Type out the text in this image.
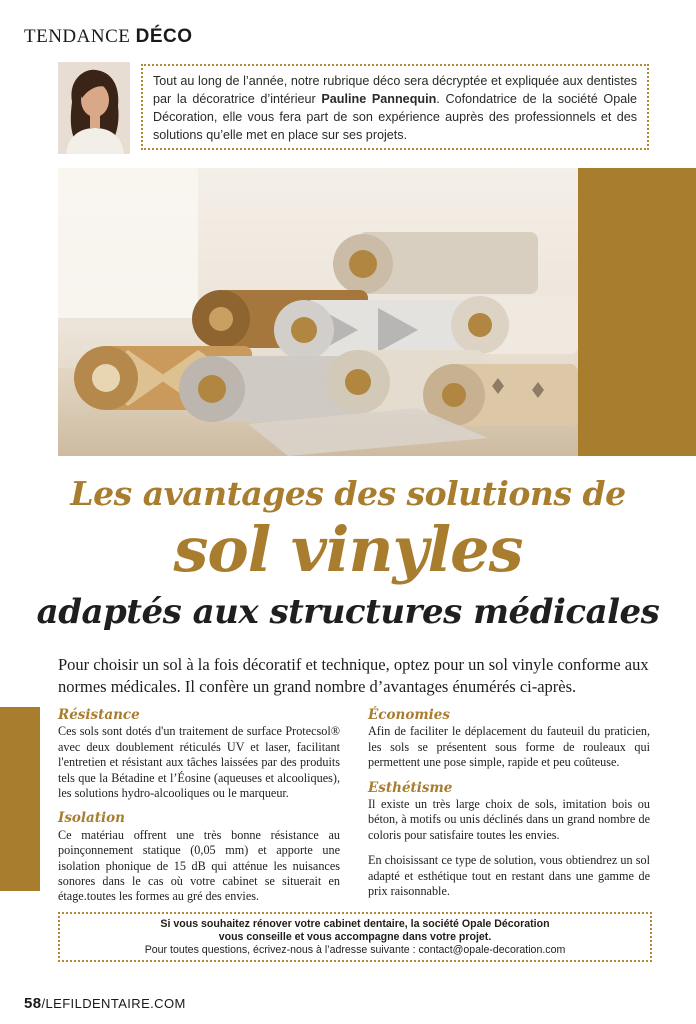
TENDANCE DÉCO
Tout au long de l’année, notre rubrique déco sera décryptée et expliquée aux dentistes par la décoratrice d’intérieur Pauline Pannequin. Cofondatrice de la société Opale Décoration, elle vous fera part de son expérience auprès des professionnels et des solutions qu’elle met en place sur ses projets.
Les avantages des solutions de
sol vinyles
adaptés aux structures médicales
Pour choisir un sol à la fois décoratif et technique, optez pour un sol vinyle conforme aux normes médicales. Il confère un grand nombre d’avantages énumérés ci-après.
Résistance

Ces sols sont dotés d'un traitement de surface Protecsol® avec deux doublement réticulés UV et laser, facilitant l'entretien et résistant aux tâches laissées par des produits tels que la Bétadine et l’Éosine (aqueuses et alcooliques), les solutions hydro-alcooliques ou le marqueur.

Isolation

Ce matériau offrent une très bonne résistance au poinçonnement statique (0,05 mm) et apporte une isolation phonique de 15 dB qui atténue les nuisances sonores dans le cas où votre cabinet se situerait en étage.toutes les formes au gré des envies.

Économies

Afin de faciliter le déplacement du fauteuil du praticien, les sols se présentent sous forme de rouleaux qui permettent une pose simple, rapide et peu coûteuse.

Esthétisme

Il existe un très large choix de sols, imitation bois ou béton, à motifs ou unis déclinés dans un grand nombre de coloris pour satisfaire toutes les envies.

En choisissant ce type de solution, vous obtiendrez un sol adapté et esthétique tout en restant dans une gamme de prix raisonnable.

Si vous souhaitez rénover votre cabinet dentaire, la société Opale Décoration
vous conseille et vous accompagne dans votre projet.
Pour toutes questions, écrivez-nous à l’adresse suivante : contact@opale-decoration.com
58/LEFILDENTAIRE.COM
